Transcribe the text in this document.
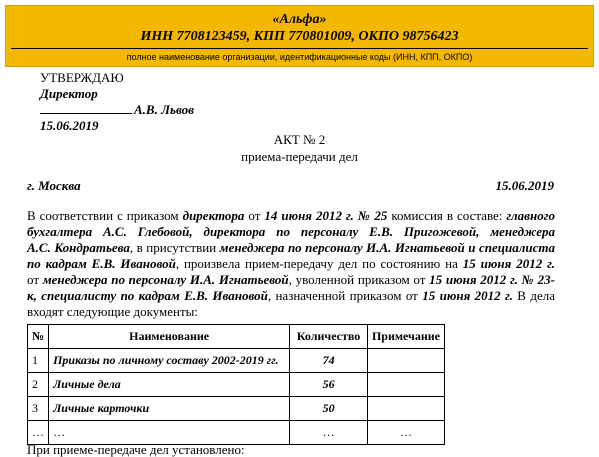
«Альфа»
ИНН 7708123459, КПП 770801009, ОКПО 98756423
полное наименование организации, идентификационные коды (ИНН, КПП, ОКПО)
УТВЕРЖДАЮ
Директор
А.В. Львов
15.06.2019
АКТ № 2
приема-передачи дел
г. Москва	15.06.2019
В соответствии с приказом директора от 14 июня 2012 г. № 25 комиссия в составе: главного
бухгалтера А.С. Глебовой, директора по персоналу Е.В. Пригожевой, менеджера
А.С. Кондратьева, в присутствии менеджера по персоналу И.А. Игнатьевой и специалиста
по кадрам Е.В. Ивановой, произвела прием-передачу дел по состоянию на 15 июня 2012 г.
от менеджера по персоналу И.А. Игнатьевой, уволенной приказом от 15 июня 2012 г. № 23-
к, специалисту по кадрам Е.В. Ивановой, назначенной приказом от 15 июня 2012 г. В дела
входят следующие документы:
№	Наименование	Количество	Примечание
1	Приказы по личному составу 2002-2019 гг.	74	
2	Личные дела	56	
3	Личные карточки	50	
…	…	…	…
При приеме-передаче дел установлено:
